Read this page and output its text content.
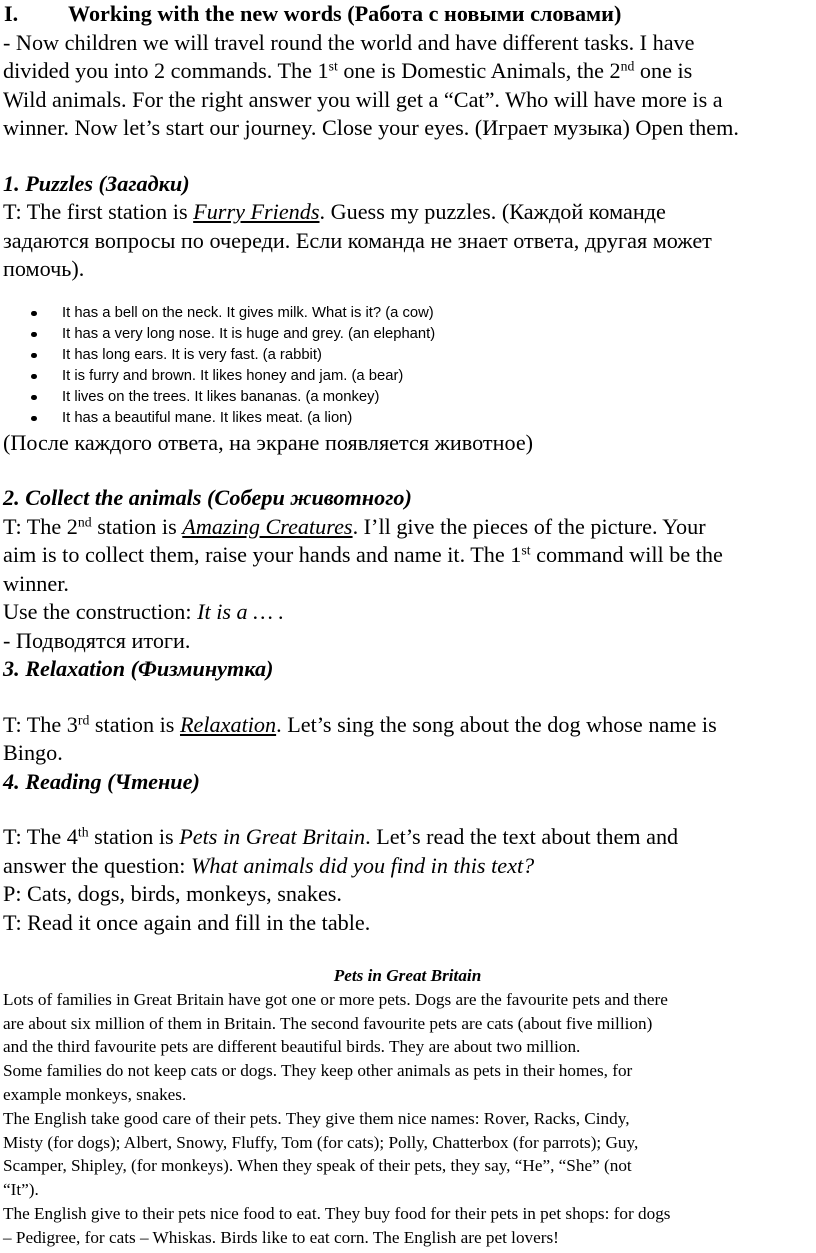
I. Working with the new words (Работа с новыми словами)
- Now children we will travel round the world and have different tasks. I have
divided you into 2 commands. The 1st one is Domestic Animals, the 2nd one is
Wild animals. For the right answer you will get a “Cat”. Who will have more is a
winner. Now let’s start our journey. Close your eyes. (Играет музыка) Open them.
1. Puzzles (Загадки)
T: The first station is Furry Friends. Guess my puzzles. (Каждой команде
задаются вопросы по очереди. Если команда не знает ответа, другая может
помочь).
It has a bell on the neck. It gives milk. What is it? (a cow)
It has a very long nose. It is huge and grey. (an elephant)
It has long ears. It is very fast. (a rabbit)
It is furry and brown. It likes honey and jam. (a bear)
It lives on the trees. It likes bananas. (a monkey)
It has a beautiful mane. It likes meat. (a lion)
(После каждого ответа, на экране появляется животное)
2. Collect the animals (Собери животного)
T: The 2nd station is Amazing Creatures. I’ll give the pieces of the picture. Your
aim is to collect them, raise your hands and name it. The 1st command will be the
winner.
Use the construction: It is a … .
- Подводятся итоги.
3. Relaxation (Физминутка)
T: The 3rd station is Relaxation. Let’s sing the song about the dog whose name is
Bingo.
4. Reading (Чтение)
T: The 4th station is Pets in Great Britain. Let’s read the text about them and
answer the question: What animals did you find in this text?
P: Cats, dogs, birds, monkeys, snakes.
T: Read it once again and fill in the table.
Pets in Great Britain
Lots of families in Great Britain have got one or more pets. Dogs are the favourite pets and there
are about six million of them in Britain. The second favourite pets are cats (about five million)
and the third favourite pets are different beautiful birds. They are about two million.
Some families do not keep cats or dogs. They keep other animals as pets in their homes, for
example monkeys, snakes.
The English take good care of their pets. They give them nice names: Rover, Racks, Cindy,
Misty (for dogs); Albert, Snowy, Fluffy, Tom (for cats); Polly, Chatterbox (for parrots); Guy,
Scamper, Shipley, (for monkeys). When they speak of their pets, they say, “He”, “She” (not
“It”).
The English give to their pets nice food to eat. They buy food for their pets in pet shops: for dogs
– Pedigree, for cats – Whiskas. Birds like to eat corn. The English are pet lovers!
